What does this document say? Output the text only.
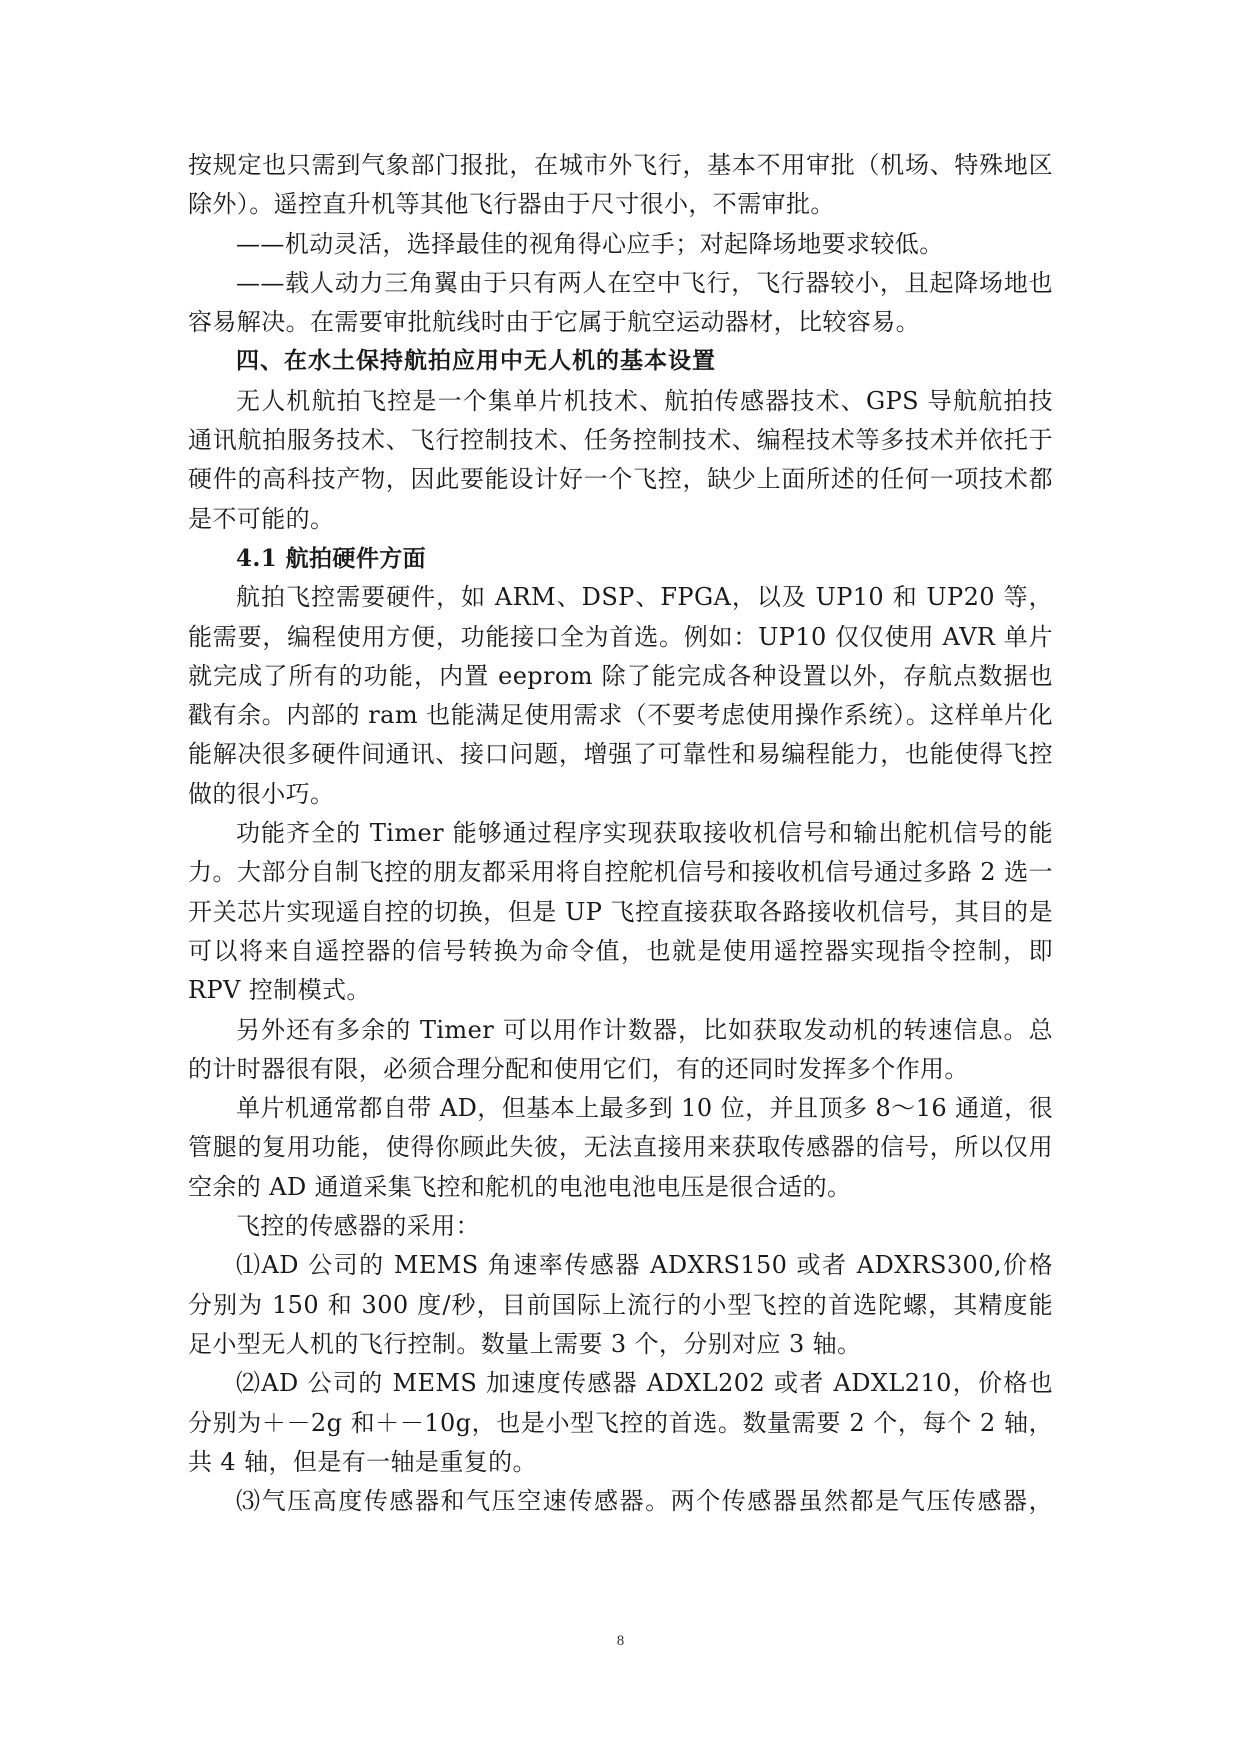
按规定也只需到气象部门报批，在城市外飞行，基本不用审批（机场、特殊地区
除外）。遥控直升机等其他飞行器由于尺寸很小，不需审批。
——机动灵活，选择最佳的视角得心应手；对起降场地要求较低。
——载人动力三角翼由于只有两人在空中飞行，飞行器较小，且起降场地也
容易解决。在需要审批航线时由于它属于航空运动器材，比较容易。
四、在水土保持航拍应用中无人机的基本设置
无人机航拍飞控是一个集单片机技术、航拍传感器技术、GPS 导航航拍技
通讯航拍服务技术、飞行控制技术、任务控制技术、编程技术等多技术并依托于
硬件的高科技产物，因此要能设计好一个飞控，缺少上面所述的任何一项技术都
是不可能的。
4.1 航拍硬件方面
航拍飞控需要硬件，如 ARM、DSP、FPGA，以及 UP10 和 UP20 等，
能需要，编程使用方便，功能接口全为首选。例如：UP10 仅仅使用 AVR 单片
就完成了所有的功能，内置 eeprom 除了能完成各种设置以外，存航点数据也
戳有余。内部的 ram 也能满足使用需求（不要考虑使用操作系统）。这样单片化
能解决很多硬件间通讯、接口问题，增强了可靠性和易编程能力，也能使得飞控
做的很小巧。
功能齐全的 Timer 能够通过程序实现获取接收机信号和输出舵机信号的能
力。大部分自制飞控的朋友都采用将自控舵机信号和接收机信号通过多路 2 选一
开关芯片实现遥自控的切换，但是 UP 飞控直接获取各路接收机信号，其目的是
可以将来自遥控器的信号转换为命令值，也就是使用遥控器实现指令控制，即
RPV 控制模式。
另外还有多余的 Timer 可以用作计数器，比如获取发动机的转速信息。总
的计时器很有限，必须合理分配和使用它们，有的还同时发挥多个作用。
单片机通常都自带 AD，但基本上最多到 10 位，并且顶多 8～16 通道，很
管腿的复用功能，使得你顾此失彼，无法直接用来获取传感器的信号，所以仅用
空余的 AD 通道采集飞控和舵机的电池电池电压是很合适的。
飞控的传感器的采用：
⑴AD 公司的 MEMS 角速率传感器 ADXRS150 或者 ADXRS300,价格
分别为 150 和 300 度/秒，目前国际上流行的小型飞控的首选陀螺，其精度能
足小型无人机的飞行控制。数量上需要 3 个，分别对应 3 轴。
⑵AD 公司的 MEMS 加速度传感器 ADXL202 或者 ADXL210，价格也
分别为＋－2g 和＋－10g，也是小型飞控的首选。数量需要 2 个，每个 2 轴，
共 4 轴，但是有一轴是重复的。
⑶气压高度传感器和气压空速传感器。两个传感器虽然都是气压传感器，
8
